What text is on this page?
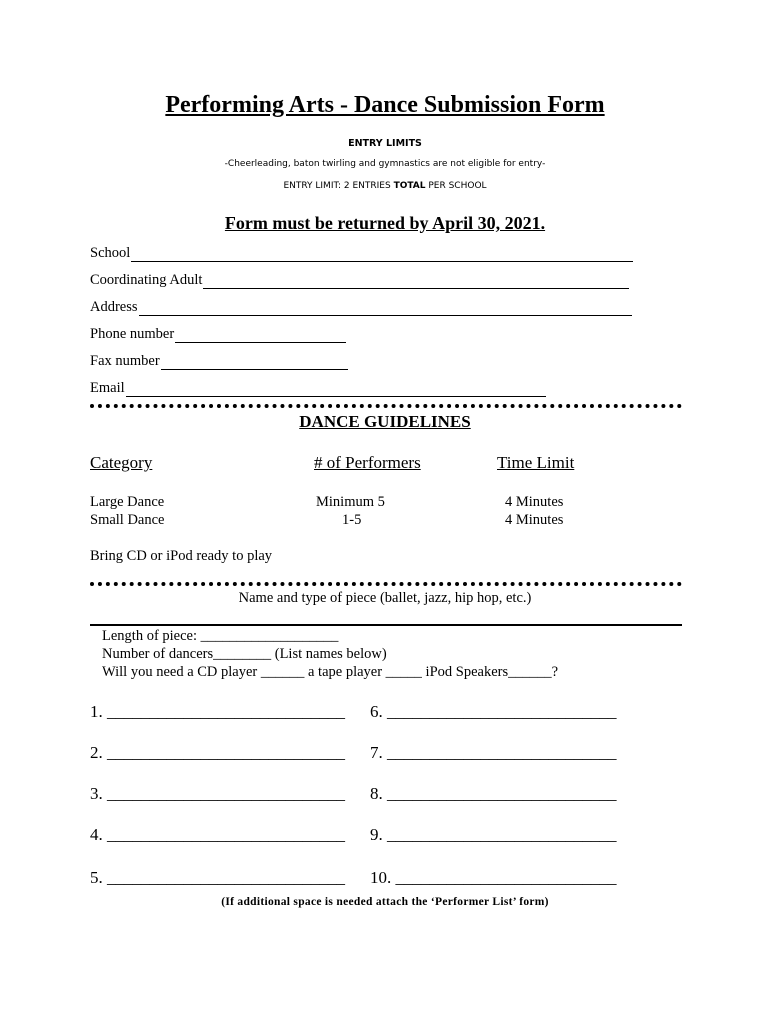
Performing Arts - Dance Submission Form
ENTRY LIMITS
-Cheerleading, baton twirling and gymnastics are not eligible for entry-
ENTRY LIMIT: 2 ENTRIES TOTAL PER SCHOOL
Form must be returned by April 30, 2021.
School
Coordinating Adult
Address
Phone number
Fax number
Email
DANCE GUIDELINES
Category	# of Performers	Time Limit
Large Dance	Minimum 5	4 Minutes
Small Dance	1-5	4 Minutes
Bring CD or iPod ready to play
Name and type of piece (ballet, jazz, hip hop, etc.)
Length of piece: ___________________
Number of dancers________ (List names below)
Will you need a CD player ______ a tape player _____ iPod Speakers______?
1. ____________________________
2. ____________________________
3. ____________________________
4. ____________________________
5. ____________________________
6. ___________________________
7. ___________________________
8. ___________________________
9. ___________________________
10. __________________________
(If additional space is needed attach the ‘Performer List’ form)
